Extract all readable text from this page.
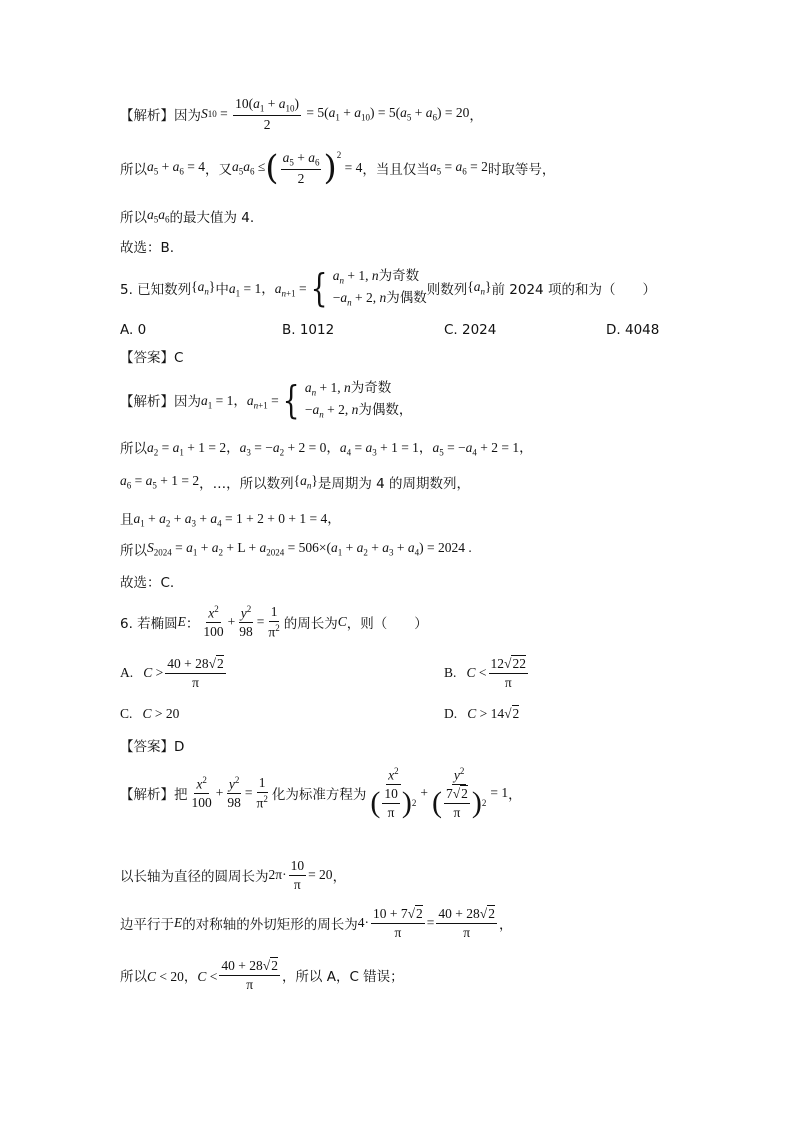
【解析】 因为 S $10 = \frac{10(a_1 + a_{10})}{2} = 5(a_1 + a_{10}) = 5(a_5 + a_6) = 20$ ，
所以 $a_5 + a_6 = 4$ ，又 $a_5a_6$ ≤ ( $\frac{a_5 + a_6}{2} )^2$
= 4 ，当且仅当 $a_5 = a_6 = 2$ 时取等号，
所以 $a_5a_6$ 的最大值为 4.
故选：B.
5. 已知数列 $\{a_n\}$ 中 $a_1 = 1$，$a_{n+1}$ = { $a_n + 1$, n为奇数
$-a_n + 2$, n为偶数 则数列 $\{a_n\}$ 前 2024 项的和为（　　）
A. 0	B. 1012	C. 2024	D. 4048
【答案】C
【解析】 因为 $a_1 = 1$，$a_{n+1}$ = { $a_n + 1$, n为奇数
$-a_n + 2$, n为偶数，
所以 $a_2 = a_1 + 1 = 2$，$a_3 = -a_2 + 2 = 0$，$a_4 = a_3 + 1 = 1$，$a_5 = -a_4 + 2 = 1$，
$a_6 = a_5 + 1 = 2$ ，…，所以数列 $\{a_n\}$ 是周期为 4 的周期数列，
且 $a_1 + a_2 + a_3 + a_4 = 1 + 2 + 0 + 1 = 4$，
所以 $S_{2024} = a_1 + a_2 + L + a_{2024} = 506\times(a_1 + a_2 + a_3 + a_4) = 2024$ .
故选：C.
6. 若椭圆 E ： $\frac{x^2}{100} + \frac{y^2}{98} = \frac{1}{\pi^2}$ 的周长为 C ，则（　　）
A.   $C > \frac{40 + 28√2}{\pi}$	B.   $C < \frac{12√22}{\pi}$
C.   C > 20	D.   C > 14√2
【答案】D
【解析】 把 $\frac{x^2}{100} + \frac{y^2}{98} = \frac{1}{\pi^2}$ 化为标准方程为 $\frac{x^2}{( \frac{10}{\pi} ) 2} + \frac{y^2}{( \frac{7√2}{\pi} ) 2} = 1$ ，
以长轴为直径的圆周长为 $2\pi\cdot \frac{10}{\pi} = 20$ ，
边平行于 E 的对称轴的外切矩形的周长为 $4\cdot \frac{10 + 7√2}{\pi} = \frac{40 + 28√2}{\pi}$ ，
所以 C < 20，$C < \frac{40 + 28√2}{\pi}$ ，所以 A，C 错误；
